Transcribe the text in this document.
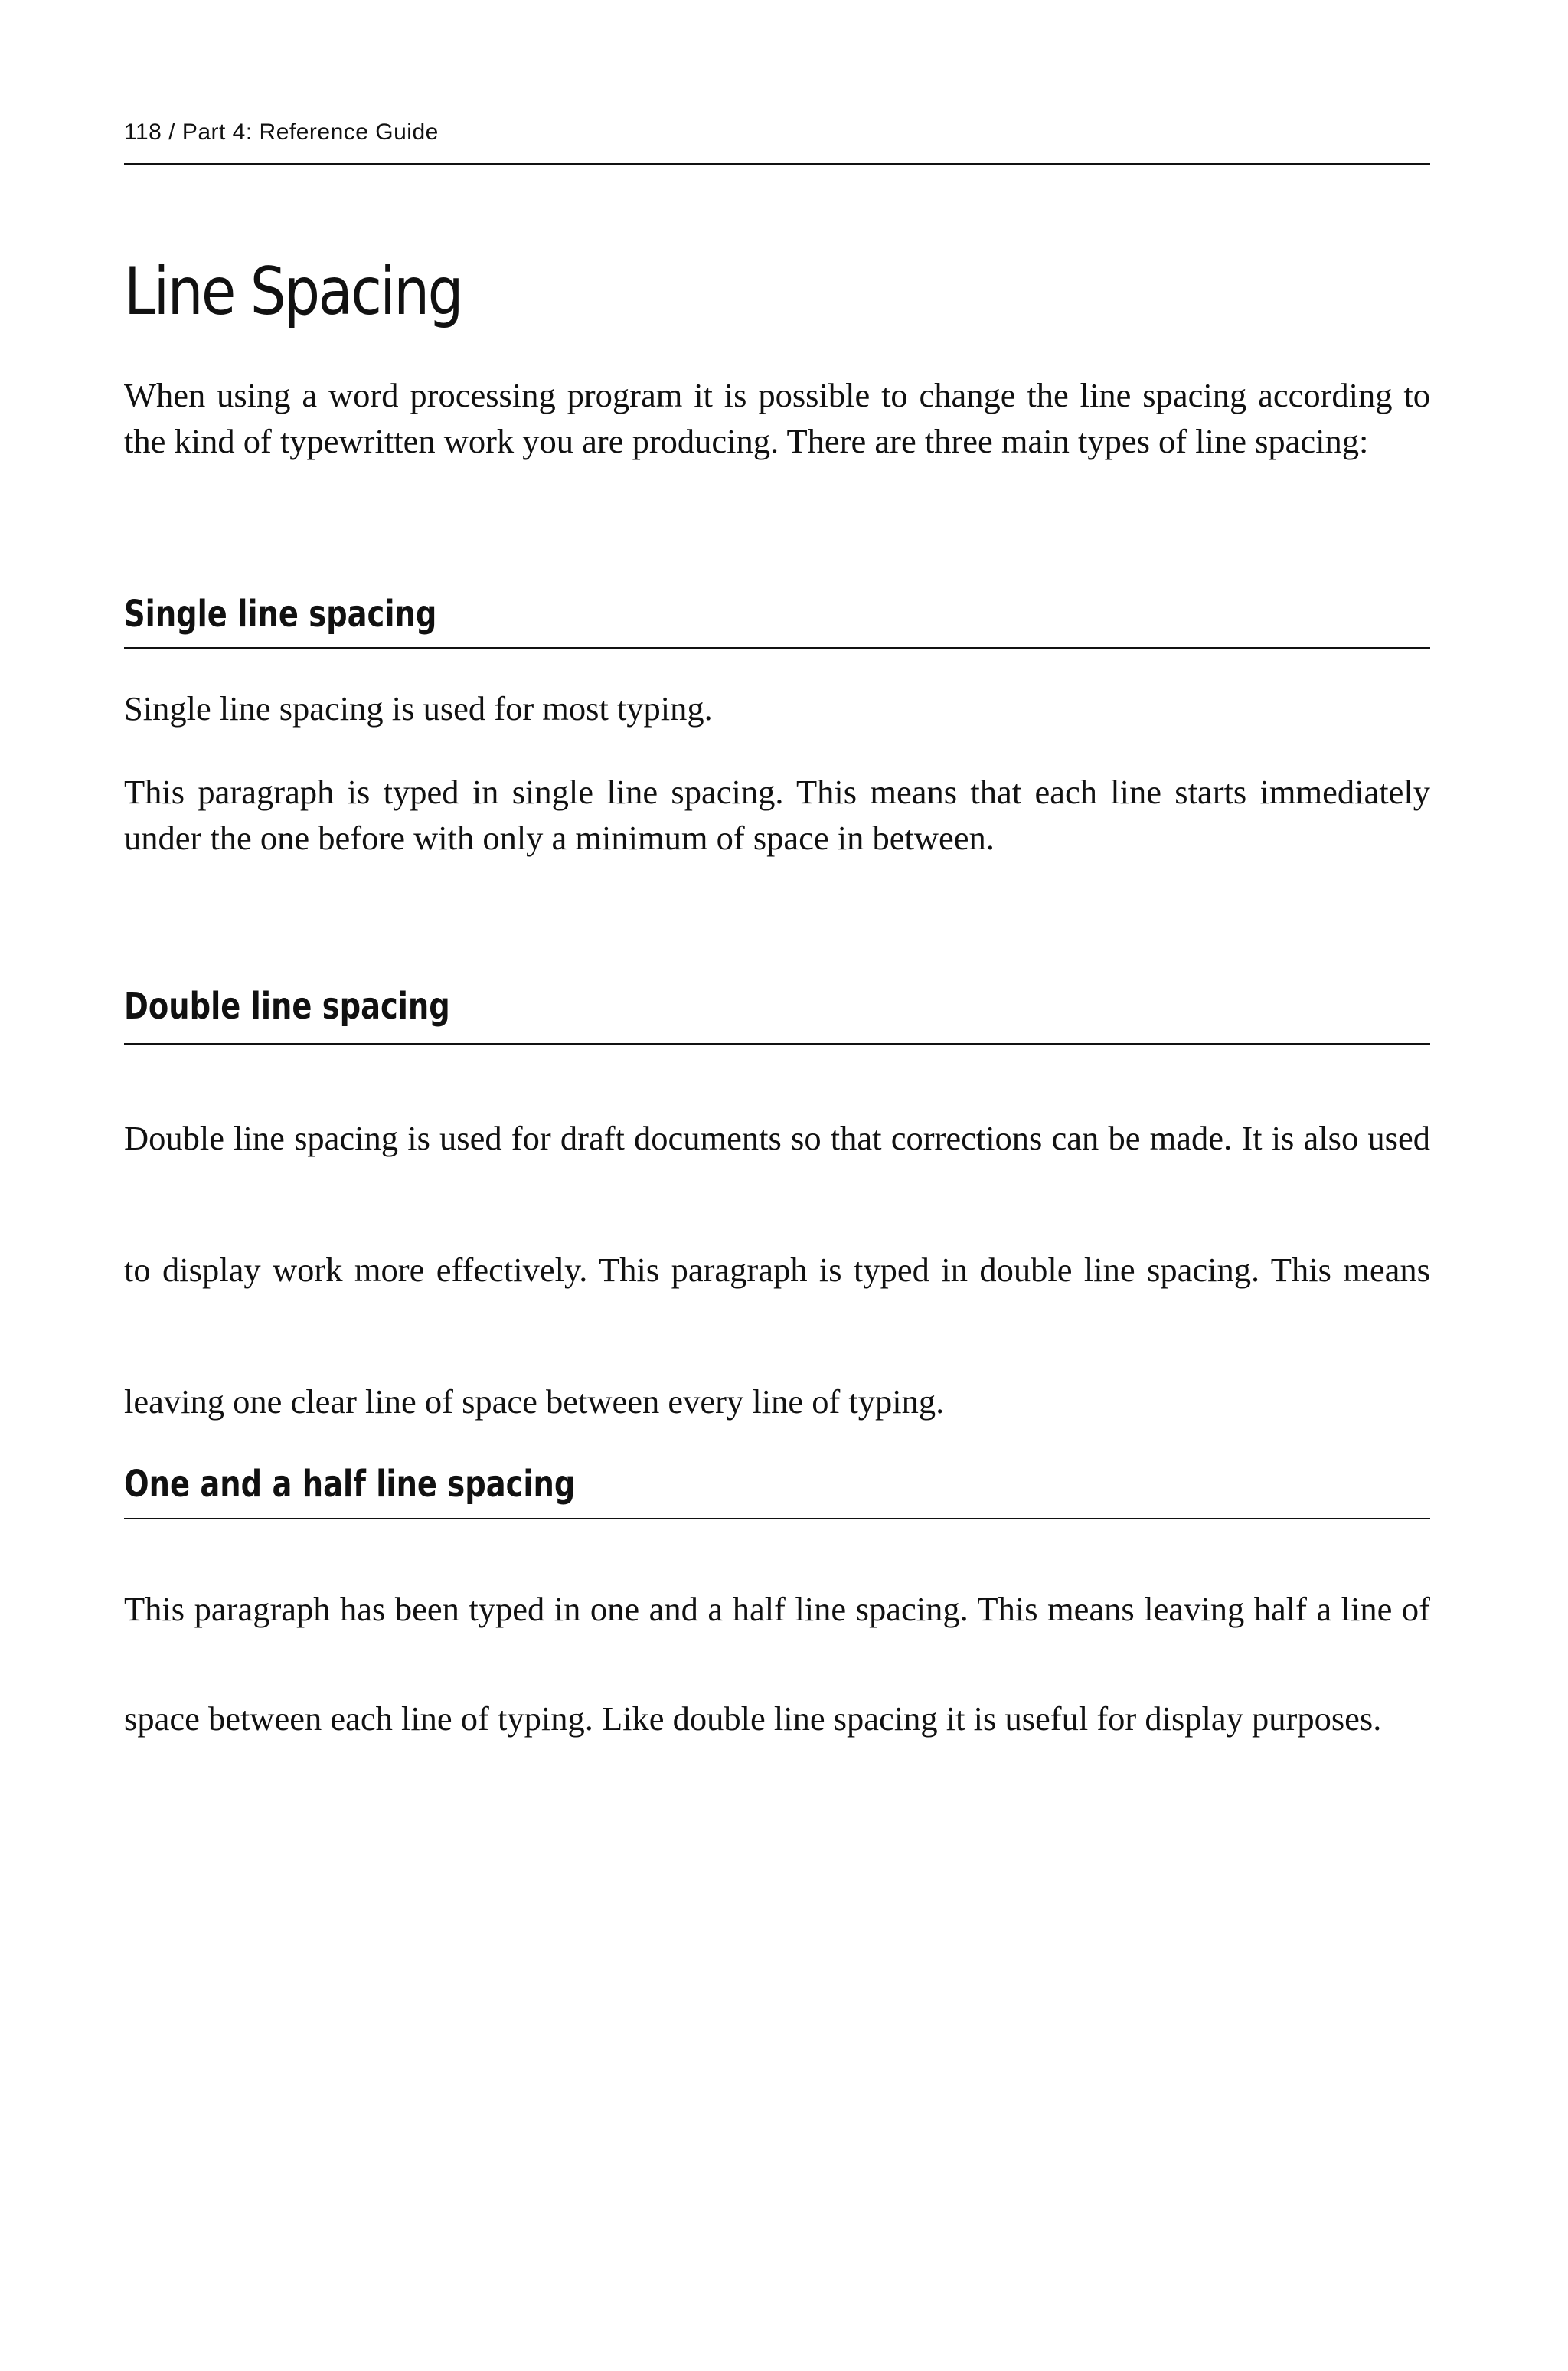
118 / Part 4: Reference Guide
Line Spacing

When using a word processing program it is possible to change the line spacing according to the kind of typewritten work you are producing. There are three main types of line spacing:

Single line spacing

Single line spacing is used for most typing.

This paragraph is typed in single line spacing. This means that each line starts immediately under the one before with only a minimum of space in between.

Double line spacing

Double line spacing is used for draft documents so that corrections can be made. It is also used to display work more effectively. This paragraph is typed in double line spacing. This means leaving one clear line of space between every line of typing.

One and a half line spacing

This paragraph has been typed in one and a half line spacing. This means leaving half a line of space between each line of typing. Like double line spacing it is useful for display purposes.
